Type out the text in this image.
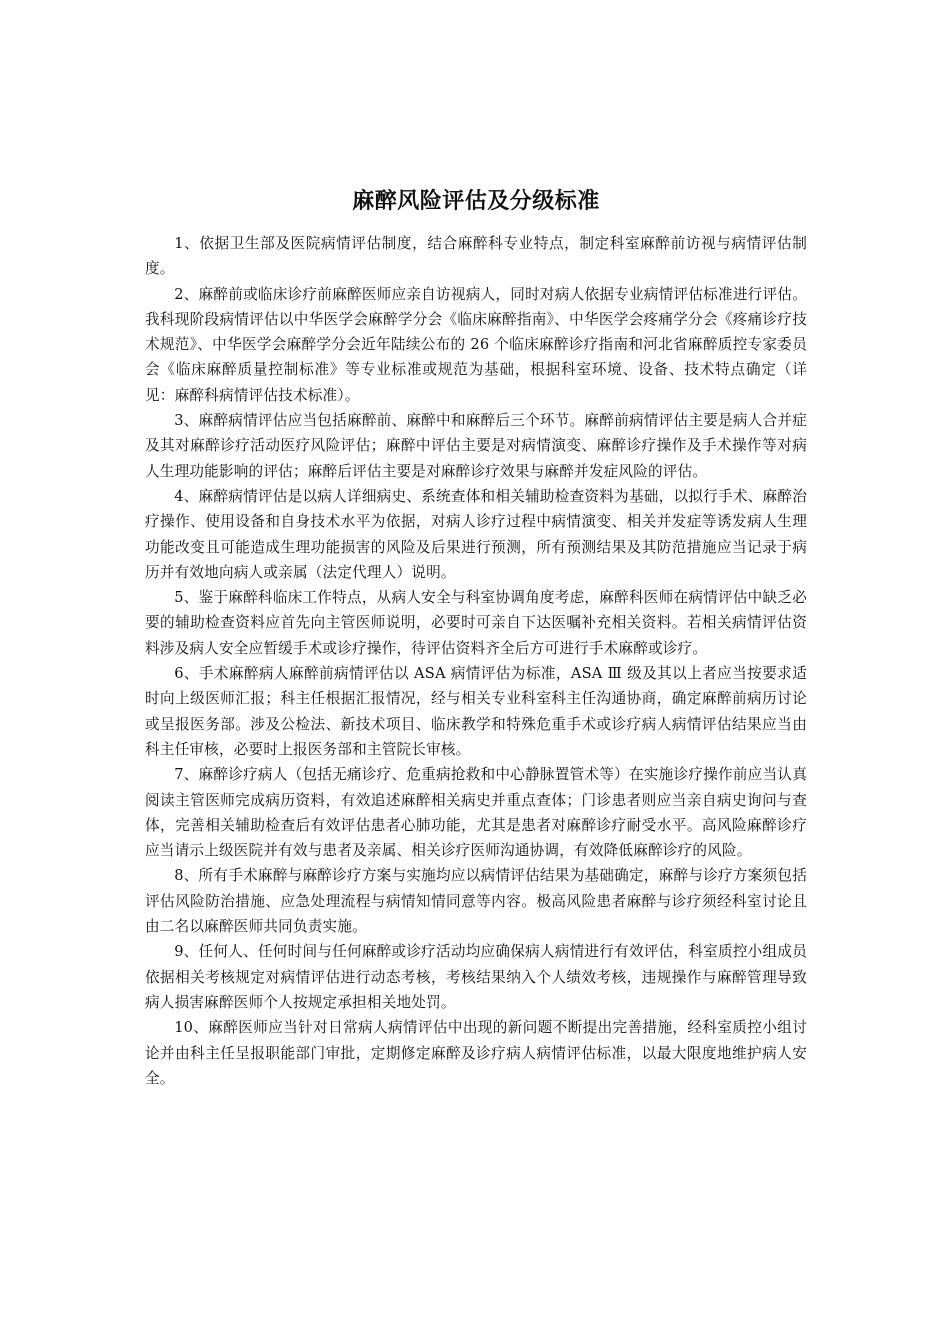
麻醉风险评估及分级标准

1、依据卫生部及医院病情评估制度，结合麻醉科专业特点，制定科室麻醉前访视与病情评估制度。

2、麻醉前或临床诊疗前麻醉医师应亲自访视病人，同时对病人依据专业病情评估标准进行评估。我科现阶段病情评估以中华医学会麻醉学分会《临床麻醉指南》、中华医学会疼痛学分会《疼痛诊疗技术规范》、中华医学会麻醉学分会近年陆续公布的 26 个临床麻醉诊疗指南和河北省麻醉质控专家委员会《临床麻醉质量控制标准》等专业标准或规范为基础，根据科室环境、设备、技术特点确定（详见：麻醉科病情评估技术标准）。

3、麻醉病情评估应当包括麻醉前、麻醉中和麻醉后三个环节。麻醉前病情评估主要是病人合并症及其对麻醉诊疗活动医疗风险评估；麻醉中评估主要是对病情演变、麻醉诊疗操作及手术操作等对病人生理功能影响的评估；麻醉后评估主要是对麻醉诊疗效果与麻醉并发症风险的评估。

4、麻醉病情评估是以病人详细病史、系统查体和相关辅助检查资料为基础，以拟行手术、麻醉治疗操作、使用设备和自身技术水平为依据，对病人诊疗过程中病情演变、相关并发症等诱发病人生理功能改变且可能造成生理功能损害的风险及后果进行预测，所有预测结果及其防范措施应当记录于病历并有效地向病人或亲属（法定代理人）说明。

5、鉴于麻醉科临床工作特点，从病人安全与科室协调角度考虑，麻醉科医师在病情评估中缺乏必要的辅助检查资料应首先向主管医师说明，必要时可亲自下达医嘱补充相关资料。若相关病情评估资料涉及病人安全应暂缓手术或诊疗操作，待评估资料齐全后方可进行手术麻醉或诊疗。

6、手术麻醉病人麻醉前病情评估以 ASA 病情评估为标准，ASA Ⅲ 级及其以上者应当按要求适时向上级医师汇报；科主任根据汇报情况，经与相关专业科室科主任沟通协商，确定麻醉前病历讨论或呈报医务部。涉及公检法、新技术项目、临床教学和特殊危重手术或诊疗病人病情评估结果应当由科主任审核，必要时上报医务部和主管院长审核。

7、麻醉诊疗病人（包括无痛诊疗、危重病抢救和中心静脉置管术等）在实施诊疗操作前应当认真阅读主管医师完成病历资料，有效追述麻醉相关病史并重点查体；门诊患者则应当亲自病史询问与查体，完善相关辅助检查后有效评估患者心肺功能，尤其是患者对麻醉诊疗耐受水平。高风险麻醉诊疗应当请示上级医院并有效与患者及亲属、相关诊疗医师沟通协调，有效降低麻醉诊疗的风险。

8、所有手术麻醉与麻醉诊疗方案与实施均应以病情评估结果为基础确定，麻醉与诊疗方案须包括评估风险防治措施、应急处理流程与病情知情同意等内容。极高风险患者麻醉与诊疗须经科室讨论且由二名以麻醉医师共同负责实施。

9、任何人、任何时间与任何麻醉或诊疗活动均应确保病人病情进行有效评估，科室质控小组成员依据相关考核规定对病情评估进行动态考核，考核结果纳入个人绩效考核，违规操作与麻醉管理导致病人损害麻醉医师个人按规定承担相关地处罚。

10、麻醉医师应当针对日常病人病情评估中出现的新问题不断提出完善措施，经科室质控小组讨论并由科主任呈报职能部门审批，定期修定麻醉及诊疗病人病情评估标准，以最大限度地维护病人安全。
